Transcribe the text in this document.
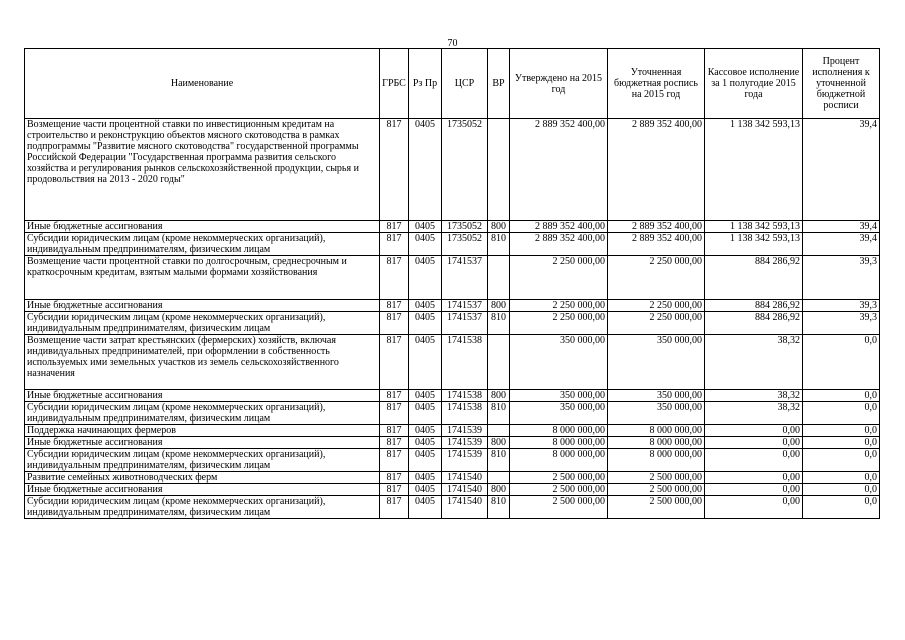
70
Наименование	ГРБС	Рз Пр	ЦСР	ВР	Утверждено на 2015 год	Уточненная бюджетная роспись на 2015 год	Кассовое исполнение за 1 полугодие 2015 года	Процент исполнения к уточненной бюджетной росписи
Возмещение части процентной ставки по инвестиционным кредитам на строительство и реконструкцию объектов мясного скотоводства в рамках подпрограммы "Развитие мясного скотоводства" государственной программы Российской Федерации "Государственная программа развития сельского хозяйства и регулирования рынков сельскохозяйственной продукции, сырья и продовольствия на 2013 - 2020 годы"	817	0405	1735052		2 889 352 400,00	2 889 352 400,00	1 138 342 593,13	39,4
Иные бюджетные ассигнования	817	0405	1735052	800	2 889 352 400,00	2 889 352 400,00	1 138 342 593,13	39,4
Субсидии юридическим лицам (кроме некоммерческих организаций), индивидуальным предпринимателям, физическим лицам	817	0405	1735052	810	2 889 352 400,00	2 889 352 400,00	1 138 342 593,13	39,4
Возмещение части процентной ставки по долгосрочным, среднесрочным и краткосрочным кредитам, взятым малыми формами хозяйствования	817	0405	1741537		2 250 000,00	2 250 000,00	884 286,92	39,3
Иные бюджетные ассигнования	817	0405	1741537	800	2 250 000,00	2 250 000,00	884 286,92	39,3
Субсидии юридическим лицам (кроме некоммерческих организаций), индивидуальным предпринимателям, физическим лицам	817	0405	1741537	810	2 250 000,00	2 250 000,00	884 286,92	39,3
Возмещение части затрат крестьянских (фермерских) хозяйств, включая индивидуальных предпринимателей, при оформлении в собственность используемых ими земельных участков из земель сельскохозяйственного назначения	817	0405	1741538		350 000,00	350 000,00	38,32	0,0
Иные бюджетные ассигнования	817	0405	1741538	800	350 000,00	350 000,00	38,32	0,0
Субсидии юридическим лицам (кроме некоммерческих организаций), индивидуальным предпринимателям, физическим лицам	817	0405	1741538	810	350 000,00	350 000,00	38,32	0,0
Поддержка начинающих фермеров	817	0405	1741539		8 000 000,00	8 000 000,00	0,00	0,0
Иные бюджетные ассигнования	817	0405	1741539	800	8 000 000,00	8 000 000,00	0,00	0,0
Субсидии юридическим лицам (кроме некоммерческих организаций), индивидуальным предпринимателям, физическим лицам	817	0405	1741539	810	8 000 000,00	8 000 000,00	0,00	0,0
Развитие семейных животноводческих ферм	817	0405	1741540		2 500 000,00	2 500 000,00	0,00	0,0
Иные бюджетные ассигнования	817	0405	1741540	800	2 500 000,00	2 500 000,00	0,00	0,0
Субсидии юридическим лицам (кроме некоммерческих организаций), индивидуальным предпринимателям, физическим лицам	817	0405	1741540	810	2 500 000,00	2 500 000,00	0,00	0,0
